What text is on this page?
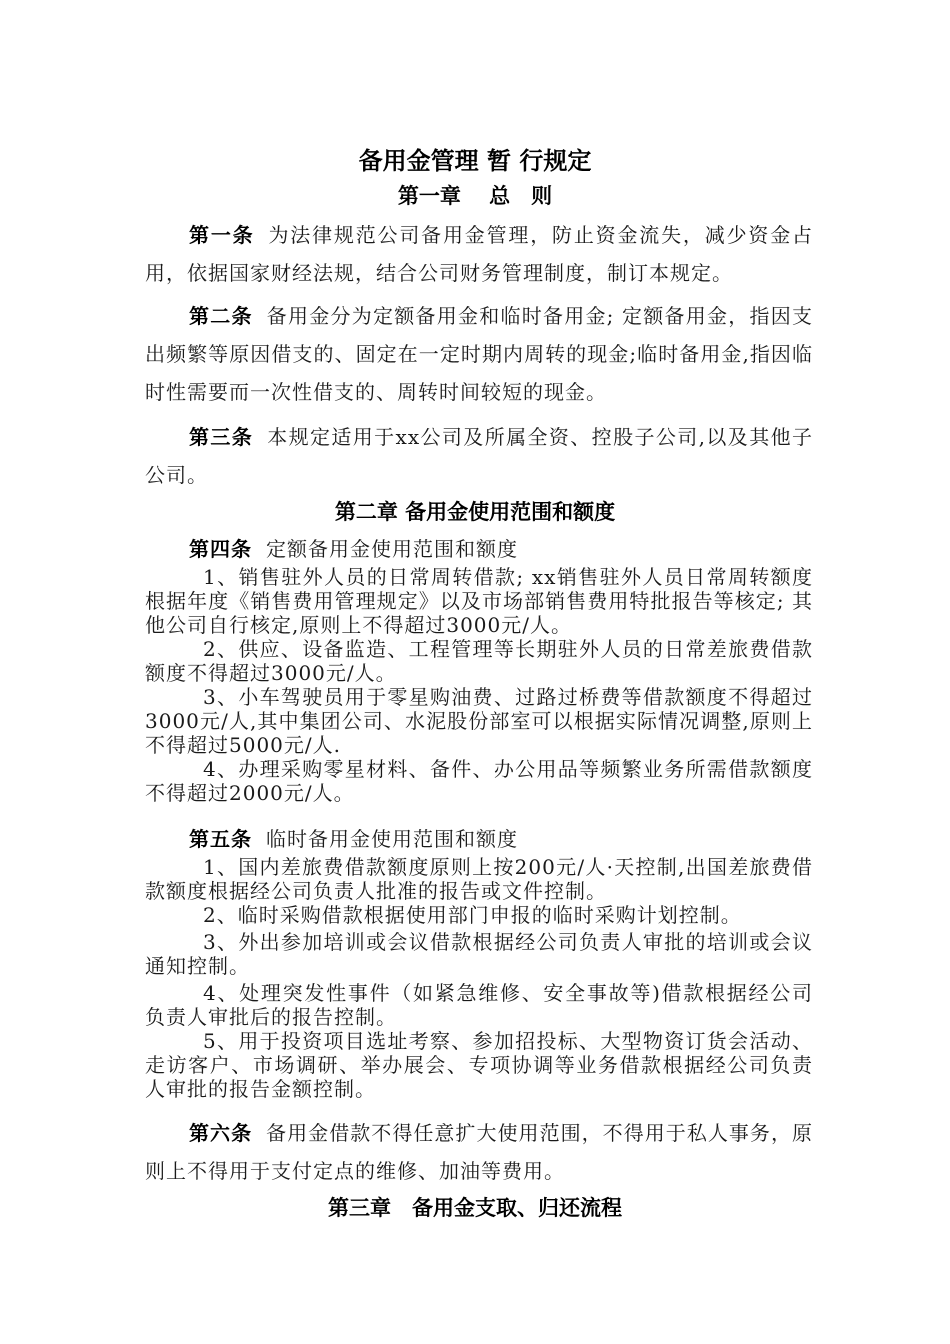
备用金管理 暂 行规定
第一章　 总　则
第一条 为法律规范公司备用金管理，防止资金流失，减少资金占用，依据国家财经法规，结合公司财务管理制度，制订本规定。
第二条 备用金分为定额备用金和临时备用金; 定额备用金，指因支出频繁等原因借支的、固定在一定时期内周转的现金;临时备用金,指因临时性需要而一次性借支的、周转时间较短的现金。
第三条 本规定适用于xx公司及所属全资、控股子公司,以及其他子公司。
第二章 备用金使用范围和额度
第四条 定额备用金使用范围和额度
1、销售驻外人员的日常周转借款; xx销售驻外人员日常周转额度根据年度《销售费用管理规定》以及市场部销售费用特批报告等核定; 其他公司自行核定,原则上不得超过3000元/人。
2、供应、设备监造、工程管理等长期驻外人员的日常差旅费借款额度不得超过3000元/人。
3、小车驾驶员用于零星购油费、过路过桥费等借款额度不得超过3000元/人,其中集团公司、水泥股份部室可以根据实际情况调整,原则上不得超过5000元/人.
4、办理采购零星材料、备件、办公用品等频繁业务所需借款额度不得超过2000元/人。
第五条 临时备用金使用范围和额度
1、国内差旅费借款额度原则上按200元/人·天控制,出国差旅费借款额度根据经公司负责人批准的报告或文件控制。
2、临时采购借款根据使用部门申报的临时采购计划控制。
3、外出参加培训或会议借款根据经公司负责人审批的培训或会议通知控制。
4、处理突发性事件（如紧急维修、安全事故等)借款根据经公司负责人审批后的报告控制。
5、用于投资项目选址考察、参加招投标、大型物资订货会活动、走访客户、市场调研、举办展会、专项协调等业务借款根据经公司负责人审批的报告金额控制。
第六条 备用金借款不得任意扩大使用范围，不得用于私人事务，原则上不得用于支付定点的维修、加油等费用。
第三章　备用金支取、归还流程
